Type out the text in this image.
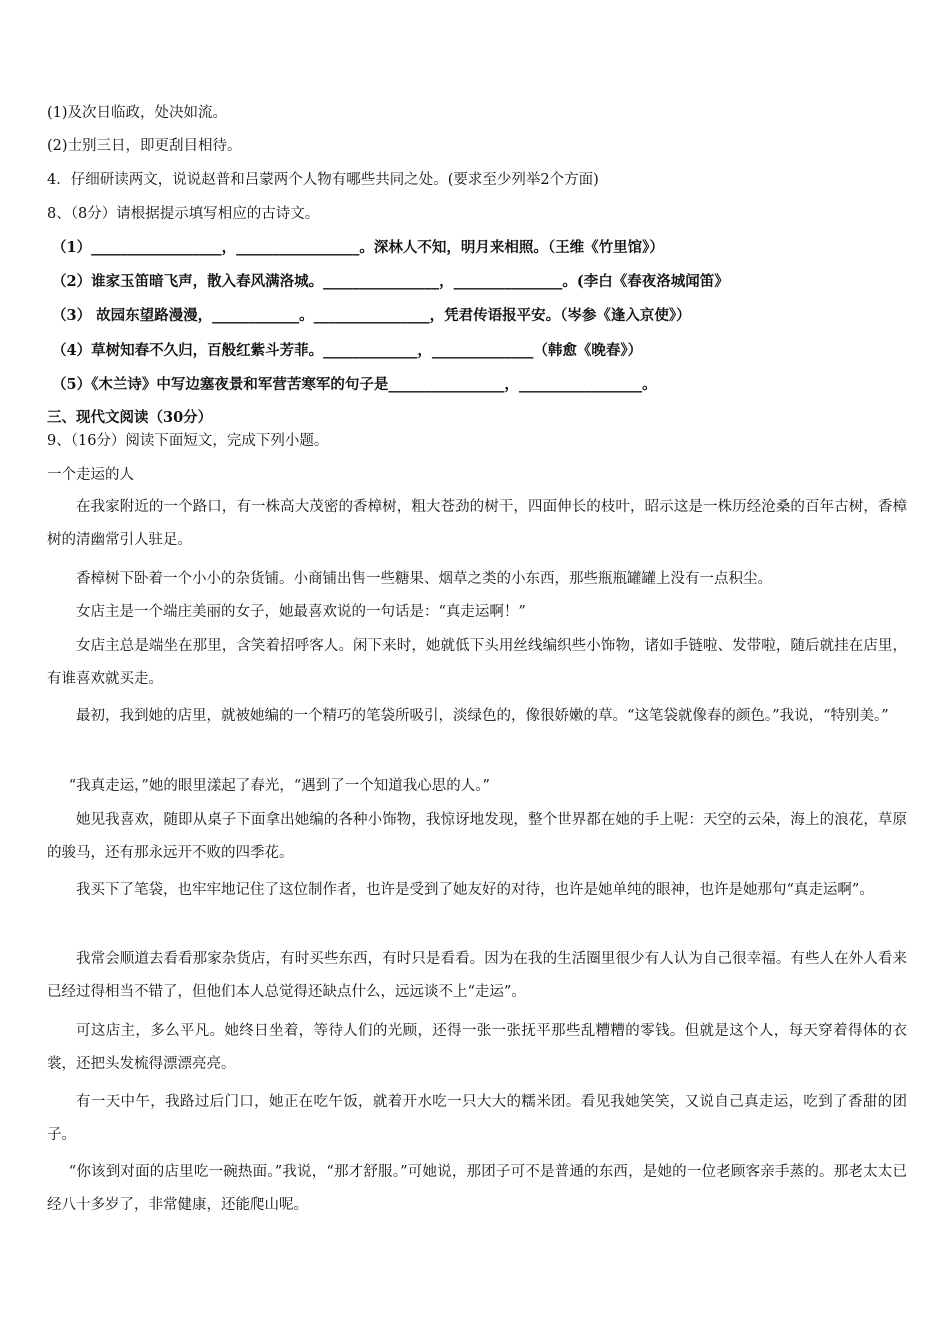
(1)及次日临政，处决如流。
(2)士别三日，即更刮目相待。
4．仔细研读两文，说说赵普和吕蒙两个人物有哪些共同之处。(要求至少列举2个方面)
8、（8分）请根据提示填写相应的古诗文。
（1）__________________，_________________。深林人不知，明月来相照。（王维《竹里馆》）
（2）谁家玉笛暗飞声，散入春风满洛城。________________，_______________。(李白《春夜洛城闻笛》
（3） 故园东望路漫漫，____________。________________，凭君传语报平安。（岑参《逢入京使》）
（4）草树知春不久归，百般红紫斗芳菲。_____________，______________（韩愈《晚春》）
（5）《木兰诗》中写边塞夜景和军营苦寒军的句子是________________，_________________。
三、现代文阅读（30分）
9、（16分）阅读下面短文，完成下列小题。
一个走运的人
在我家附近的一个路口，有一株高大茂密的香樟树，粗大苍劲的树干，四面伸长的枝叶，昭示这是一株历经沧桑的百年古树，香樟树的清幽常引人驻足。
香樟树下卧着一个小小的杂货铺。小商铺出售一些糖果、烟草之类的小东西，那些瓶瓶罐罐上没有一点积尘。
女店主是一个端庄美丽的女子，她最喜欢说的一句话是：“真走运啊！”
女店主总是端坐在那里，含笑着招呼客人。闲下来时，她就低下头用丝线编织些小饰物，诸如手链啦、发带啦，随后就挂在店里，有谁喜欢就买走。
最初，我到她的店里，就被她编的一个精巧的笔袋所吸引，淡绿色的，像很娇嫩的草。“这笔袋就像春的颜色。”我说，“特别美。”
“我真走运，”她的眼里漾起了春光，“遇到了一个知道我心思的人。”
她见我喜欢，随即从桌子下面拿出她编的各种小饰物，我惊讶地发现，整个世界都在她的手上呢：天空的云朵，海上的浪花，草原的骏马，还有那永远开不败的四季花。
我买下了笔袋，也牢牢地记住了这位制作者，也许是受到了她友好的对待，也许是她单纯的眼神，也许是她那句“真走运啊”。
我常会顺道去看看那家杂货店，有时买些东西，有时只是看看。因为在我的生活圈里很少有人认为自己很幸福。有些人在外人看来已经过得相当不错了，但他们本人总觉得还缺点什么，远远谈不上“走运”。
可这店主，多么平凡。她终日坐着，等待人们的光顾，还得一张一张抚平那些乱糟糟的零钱。但就是这个人，每天穿着得体的衣裳，还把头发梳得漂漂亮亮。
有一天中午，我路过后门口，她正在吃午饭，就着开水吃一只大大的糯米团。看见我她笑笑，又说自己真走运，吃到了香甜的团子。
“你该到对面的店里吃一碗热面。”我说，“那才舒服。”可她说，那团子可不是普通的东西，是她的一位老顾客亲手蒸的。那老太太已经八十多岁了，非常健康，还能爬山呢。
